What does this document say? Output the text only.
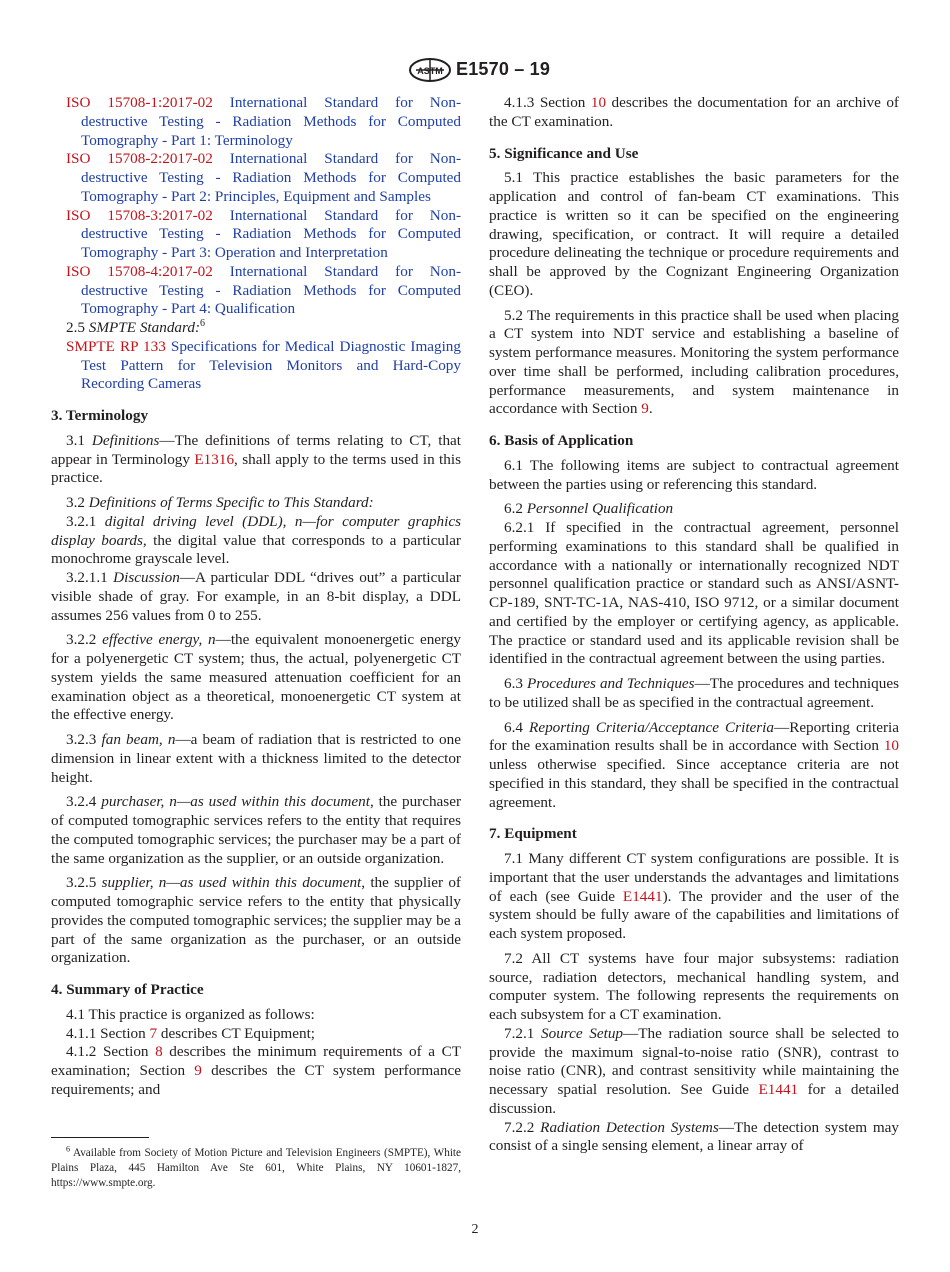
ASTM E1570 – 19

ISO 15708-1:2017-02 International Standard for Non-destructive Testing - Radiation Methods for Computed Tomography - Part 1: Terminology

ISO 15708-2:2017-02 International Standard for Non-destructive Testing - Radiation Methods for Computed Tomography - Part 2: Principles, Equipment and Samples

ISO 15708-3:2017-02 International Standard for Non-destructive Testing - Radiation Methods for Computed Tomography - Part 3: Operation and Interpretation

ISO 15708-4:2017-02 International Standard for Non-destructive Testing - Radiation Methods for Computed Tomography - Part 4: Qualification

2.5 SMPTE Standard:$^6$

SMPTE RP 133 Specifications for Medical Diagnostic Imaging Test Pattern for Television Monitors and Hard-Copy Recording Cameras

3. Terminology

3.1 Definitions—The definitions of terms relating to CT, that appear in Terminology E1316, shall apply to the terms used in this practice.

3.2 Definitions of Terms Specific to This Standard:

3.2.1 digital driving level (DDL), n—for computer graphics display boards, the digital value that corresponds to a particular monochrome grayscale level.

3.2.1.1 Discussion—A particular DDL “drives out” a particular visible shade of gray. For example, in an 8-bit display, a DDL assumes 256 values from 0 to 255.

3.2.2 effective energy, n—the equivalent monoenergetic energy for a polyenergetic CT system; thus, the actual, polyenergetic CT system yields the same measured attenuation coefficient for an examination object as a theoretical, monoenergetic CT system at the effective energy.

3.2.3 fan beam, n—a beam of radiation that is restricted to one dimension in linear extent with a thickness limited to the detector height.

3.2.4 purchaser, n—as used within this document, the purchaser of computed tomographic services refers to the entity that requires the computed tomographic services; the purchaser may be a part of the same organization as the supplier, or an outside organization.

3.2.5 supplier, n—as used within this document, the supplier of computed tomographic service refers to the entity that physically provides the computed tomographic services; the supplier may be a part of the same organization as the purchaser, or an outside organization.

4. Summary of Practice

4.1 This practice is organized as follows:

4.1.1 Section 7 describes CT Equipment;

4.1.2 Section 8 describes the minimum requirements of a CT examination; Section 9 describes the CT system performance requirements; and

$^6$ Available from Society of Motion Picture and Television Engineers (SMPTE), White Plains Plaza, 445 Hamilton Ave Ste 601, White Plains, NY 10601-1827, https://www.smpte.org.

4.1.3 Section 10 describes the documentation for an archive of the CT examination.

5. Significance and Use

5.1 This practice establishes the basic parameters for the application and control of fan-beam CT examinations. This practice is written so it can be specified on the engineering drawing, specification, or contract. It will require a detailed procedure delineating the technique or procedure requirements and shall be approved by the Cognizant Engineering Organization (CEO).

5.2 The requirements in this practice shall be used when placing a CT system into NDT service and establishing a baseline of system performance measures. Monitoring the system performance over time shall be performed, including calibration procedures, performance measurements, and system maintenance in accordance with Section 9.

6. Basis of Application

6.1 The following items are subject to contractual agreement between the parties using or referencing this standard.

6.2 Personnel Qualification

6.2.1 If specified in the contractual agreement, personnel performing examinations to this standard shall be qualified in accordance with a nationally or internationally recognized NDT personnel qualification practice or standard such as ANSI/ASNT-CP-189, SNT-TC-1A, NAS-410, ISO 9712, or a similar document and certified by the employer or certifying agency, as applicable. The practice or standard used and its applicable revision shall be identified in the contractual agreement between the using parties.

6.3 Procedures and Techniques—The procedures and techniques to be utilized shall be as specified in the contractual agreement.

6.4 Reporting Criteria/Acceptance Criteria—Reporting criteria for the examination results shall be in accordance with Section 10 unless otherwise specified. Since acceptance criteria are not specified in this standard, they shall be specified in the contractual agreement.

7. Equipment

7.1 Many different CT system configurations are possible. It is important that the user understands the advantages and limitations of each (see Guide E1441). The provider and the user of the system should be fully aware of the capabilities and limitations of each system proposed.

7.2 All CT systems have four major subsystems: radiation source, radiation detectors, mechanical handling system, and computer system. The following represents the requirements on each subsystem for a CT examination.

7.2.1 Source Setup—The radiation source shall be selected to provide the maximum signal-to-noise ratio (SNR), contrast to noise ratio (CNR), and contrast sensitivity while maintaining the necessary spatial resolution. See Guide E1441 for a detailed discussion.

7.2.2 Radiation Detection Systems—The detection system may consist of a single sensing element, a linear array of

2
